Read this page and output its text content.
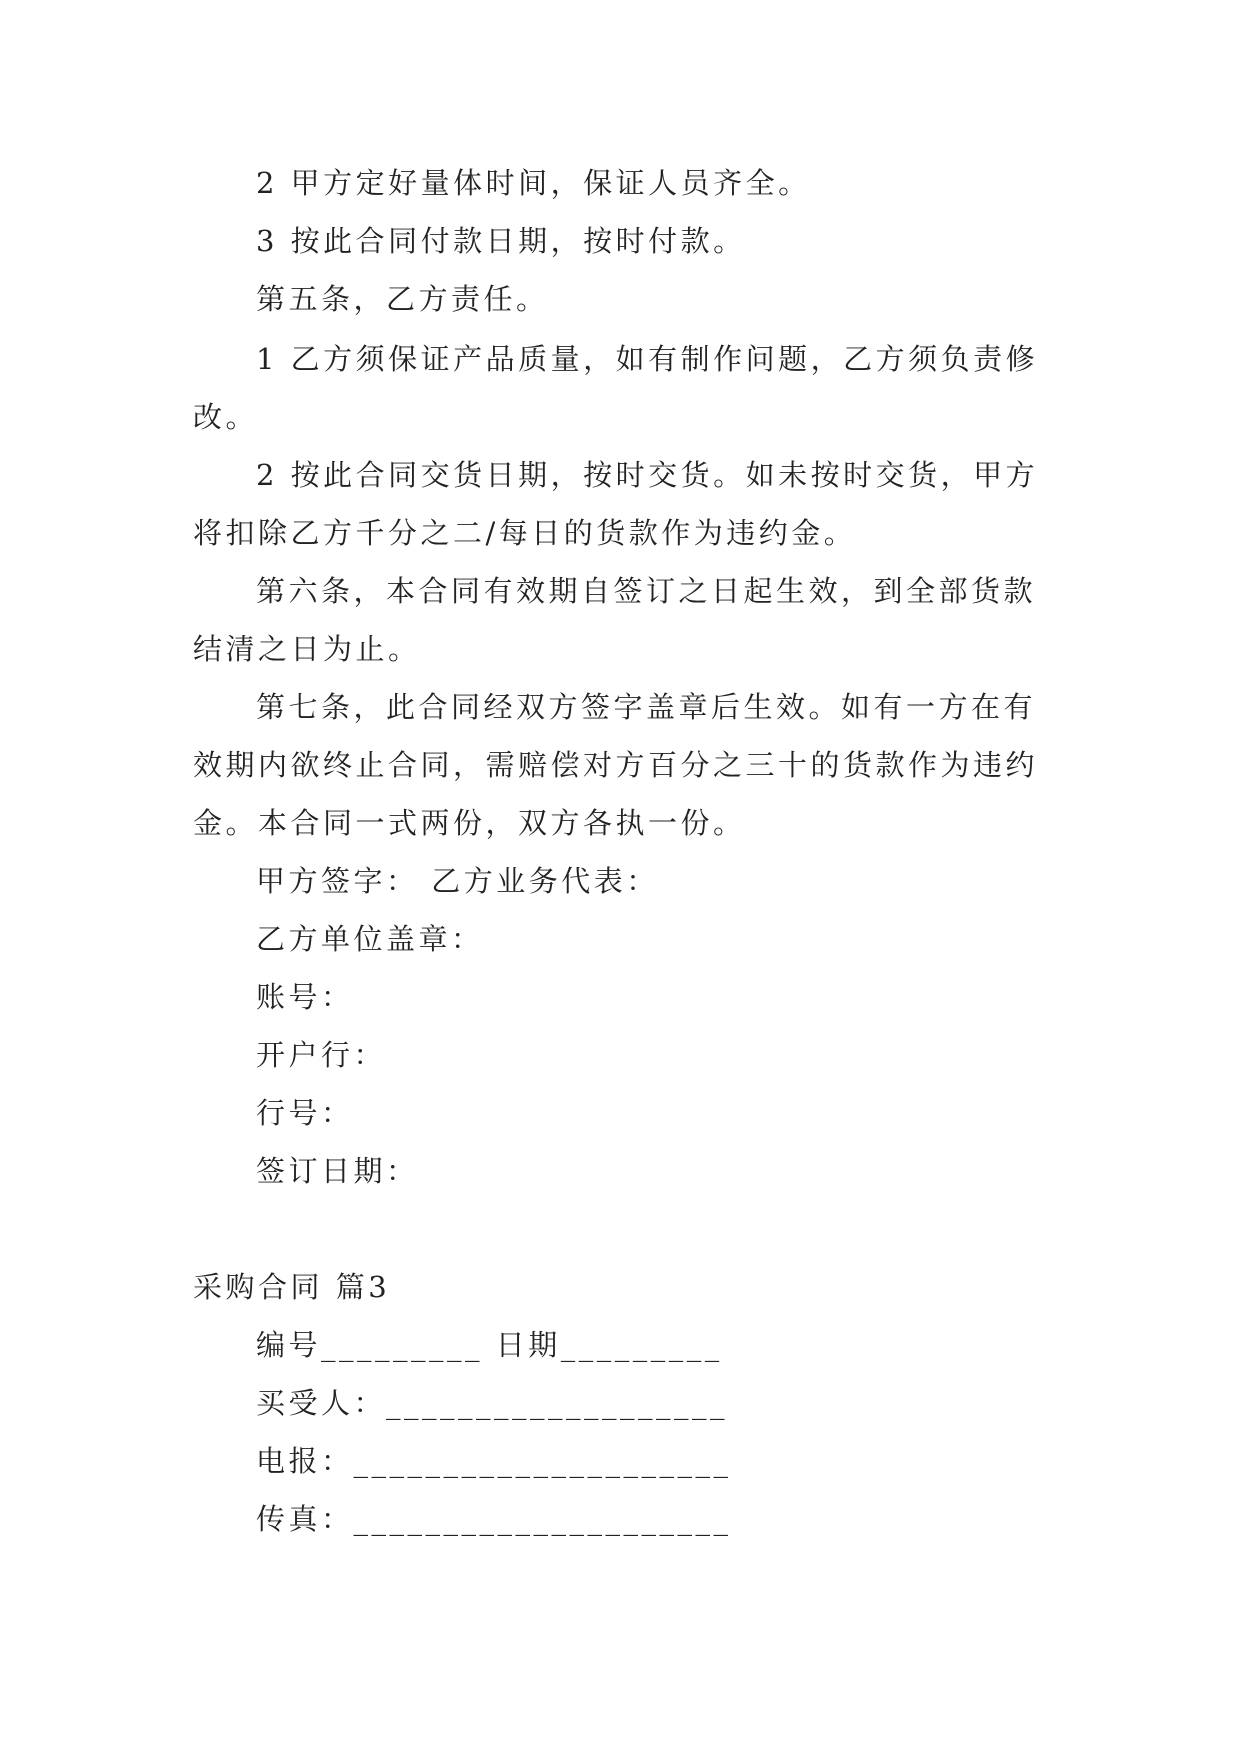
2 甲方定好量体时间，保证人员齐全。
3 按此合同付款日期，按时付款。
第五条，乙方责任。
1 乙方须保证产品质量，如有制作问题，乙方须负责修
改。
2 按此合同交货日期，按时交货。如未按时交货，甲方
将扣除乙方千分之二/每日的货款作为违约金。
第六条，本合同有效期自签订之日起生效，到全部货款
结清之日为止。
第七条，此合同经双方签字盖章后生效。如有一方在有
效期内欲终止合同，需赔偿对方百分之三十的货款作为违约
金。本合同一式两份，双方各执一份。
甲方签字： 乙方业务代表：
乙方单位盖章：
账号：
开户行：
行号：
签订日期：
采购合同 篇3
编号_________ 日期_________
买受人：___________________
电报：_____________________
传真：_____________________
